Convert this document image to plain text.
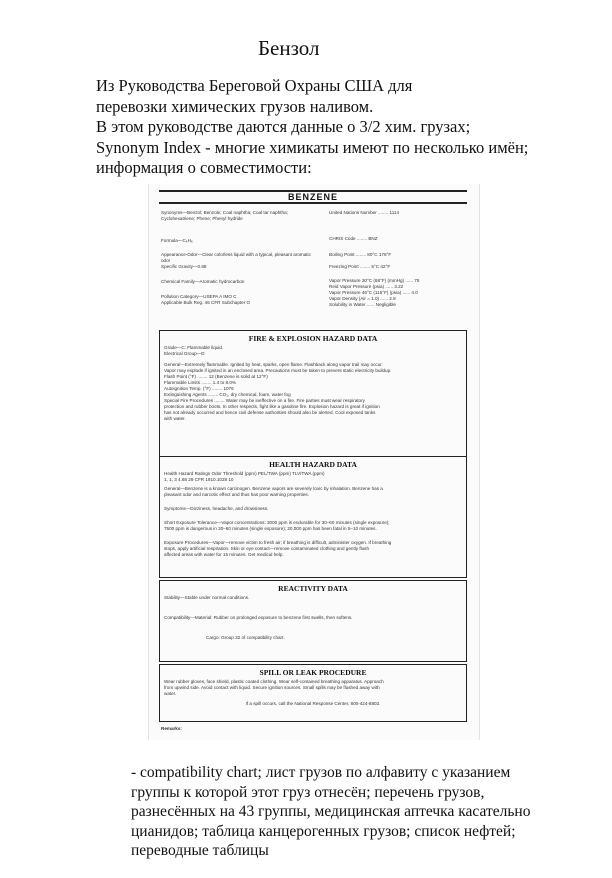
Бензол
Из Руководства Береговой Охраны США для
перевозки химических грузов наливом.
В этом руководстве даются данные о 3/2 хим. грузах;
Synonym Index - многие химикаты имеют по несколько имён;
информация о совместимости:
BENZENE
Synonyms—Benzol; Benzole; Coal naphtha; Coal tar naphtha; Cyclohexatriene; Phene; Phenyl hydride
Formula—C₆H₆
Appearance-Odor—Clear colorless liquid with a typical, pleasant aromatic odor
Specific Gravity—0.88
Chemical Family—Aromatic hydrocarbon
Pollution Category—USEPA A IMO C
Applicable Bulk Reg. 46 CFR Subchapter O
United Nations Number ........ 1114
CHRIS Code ........ BNZ
Boiling Point ........ 80°C 176°F
Freezing Point ........ 5°C 42°F
Vapor Pressure 20°C (68°F) (mmHg) ...... 75
Reid Vapor Pressure (psia) ...... 3.22
Vapor Pressure 46°C (115°F) (psia) ...... 4.0
Vapor Density (Air = 1.0) ...... 2.8
Solubility in Water ...... Negligible
FIRE & EXPLOSION HAZARD DATA
Grade—C: Flammable liquid.
Electrical Group—D
General—Extremely flammable. Ignited by heat, sparks, open flame. Flashback along vapor trail may occur.
Vapor may explode if ignited in an enclosed area. Precautions must be taken to prevent static electricity buildup.
Flash Point (°F) ........ 12 (Benzene is solid at 12°F)
Flammable Limits ........ 1.4 to 8.0%
Autoignition Temp. (°F) ........ 1076
Extinguishing Agents ........ CO₂, dry chemical, foam, water fog
Special Fire Procedures ........ Water may be ineffective on a fire. Fire parties must wear respiratory
protection and rubber boots. In other respects, fight like a gasoline fire. Explosion hazard is great if ignition
has not already occurred and hence civil defense authorities should also be alerted. Cool exposed tanks
with water.
HEALTH HAZARD DATA
Health Hazard Ratings Odor Threshold (ppm) PEL/TWA (ppm) TLV/TWA (ppm)
1, 1, 3 4.68 29 CFR 1910.1028 10
General—Benzene is a known carcinogen. Benzene vapors are severely toxic by inhalation. Benzene has a
pleasant odor and narcotic effect and thus has poor warning properties.
Symptoms—Dizziness, headache, and drowsiness.
Short Exposure Tolerance—Vapor concentrations: 3000 ppm is endurable for 30–60 minutes (single exposure);
7500 ppm is dangerous in 30–60 minutes (single exposure); 20,000 ppm has been fatal in 5–10 minutes.
Exposure Procedures—Vapor—remove victim to fresh air; if breathing is difficult, administer oxygen. If breathing
stops, apply artificial respiration. Skin or eye contact—remove contaminated clothing and gently flush
affected areas with water for 15 minutes. Get medical help.
REACTIVITY DATA
Stability—Stable under normal conditions.
Compatibility—Material: Rubber on prolonged exposure to benzene first swells, then softens.
Cargo: Group 32 of compatibility chart.
SPILL OR LEAK PROCEDURE
Wear rubber gloves, face shield, plastic coated clothing. Wear self-contained breathing apparatus. Approach
from upwind side. Avoid contact with liquid. Secure ignition sources. Small spills may be flushed away with
water.
If a spill occurs, call the National Response Center, 800-424-8802.
Remarks:
- compatibility chart; лист грузов по алфавиту с указанием
группы к которой этот груз отнесён; перечень грузов,
разнесённых на 43 группы, медицинская аптечка касательно
цианидов; таблица канцерогенных грузов; список нефтей;
переводные таблицы
